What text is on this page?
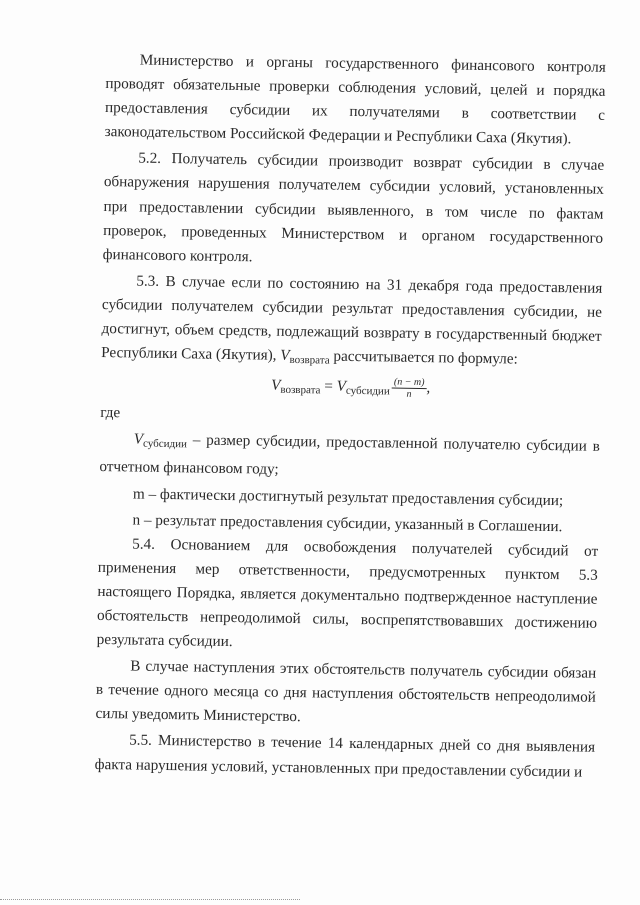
Министерство и органы государственного финансового контроля проводят обязательные проверки соблюдения условий, целей и порядка предоставления субсидии их получателями в соответствии с законодательством Российской Федерации и Республики Саха (Якутия).

5.2. Получатель субсидии производит возврат субсидии в случае обнаружения нарушения получателем субсидии условий, установленных при предоставлении субсидии выявленного, в том числе по фактам проверок, проведенных Министерством и органом государственного финансового контроля.

5.3. В случае если по состоянию на 31 декабря года предоставления субсидии получателем субсидии результат предоставления субсидии, не достигнут, объем средств, подлежащий возврату в государственный бюджет Республики Саха (Якутия), $V_{возврата}$ рассчитывается по формуле:

$V_{возврата} = V_{субсидии} \frac{(n - m)}{n}$ ,

где

$V_{субсидии}$ – размер субсидии, предоставленной получателю субсидии в отчетном финансовом году;

m – фактически достигнутый результат предоставления субсидии;

n – результат предоставления субсидии, указанный в Соглашении.

5.4. Основанием для освобождения получателей субсидий от применения мер ответственности, предусмотренных пунктом 5.3 настоящего Порядка, является документально подтвержденное наступление обстоятельств непреодолимой силы, воспрепятствовавших достижению результата субсидии.

В случае наступления этих обстоятельств получатель субсидии обязан в течение одного месяца со дня наступления обстоятельств непреодолимой силы уведомить Министерство.

5.5. Министерство в течение 14 календарных дней со дня выявления факта нарушения условий, установленных при предоставлении субсидии и
